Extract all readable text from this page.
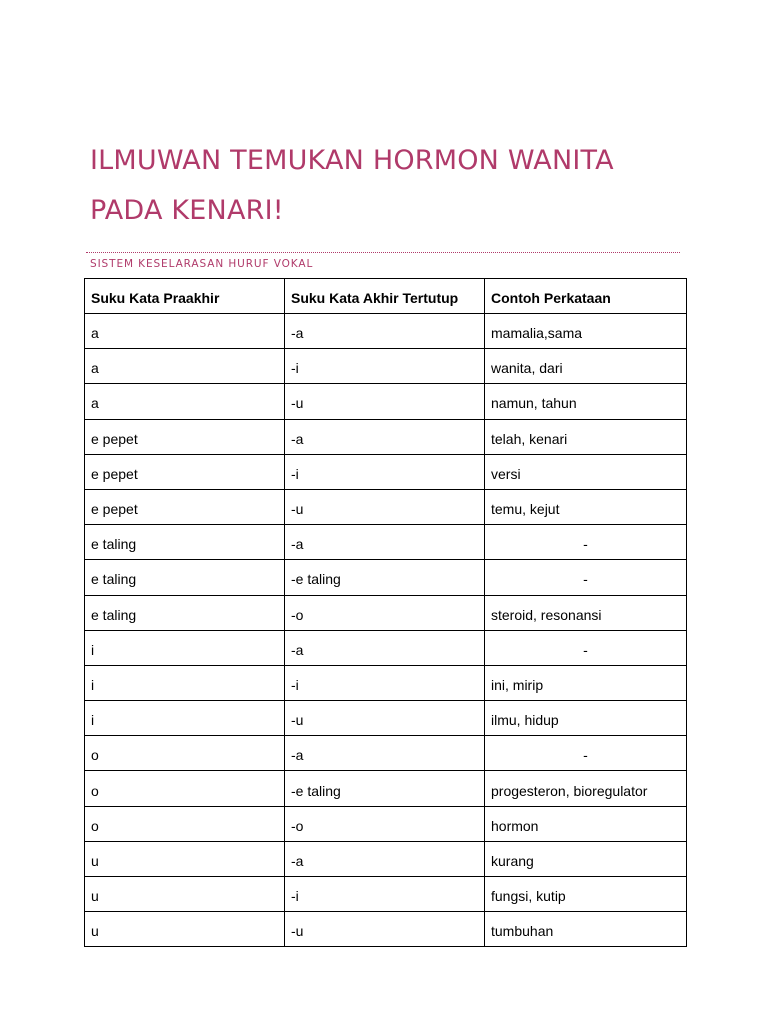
ILMUWAN TEMUKAN HORMON WANITA
PADA KENARI!
SISTEM KESELARASAN HURUF VOKAL
Suku Kata Praakhir	Suku Kata Akhir Tertutup	Contoh Perkataan
a	-a	mamalia,sama
a	-i	wanita, dari
a	-u	namun, tahun
e pepet	-a	telah, kenari
e pepet	-i	versi
e pepet	-u	temu, kejut
e taling	-a	-
e taling	-e taling	-
e taling	-o	steroid, resonansi
i	-a	-
i	-i	ini, mirip
i	-u	ilmu, hidup
o	-a	-
o	-e taling	progesteron, bioregulator
o	-o	hormon
u	-a	kurang
u	-i	fungsi, kutip
u	-u	tumbuhan
